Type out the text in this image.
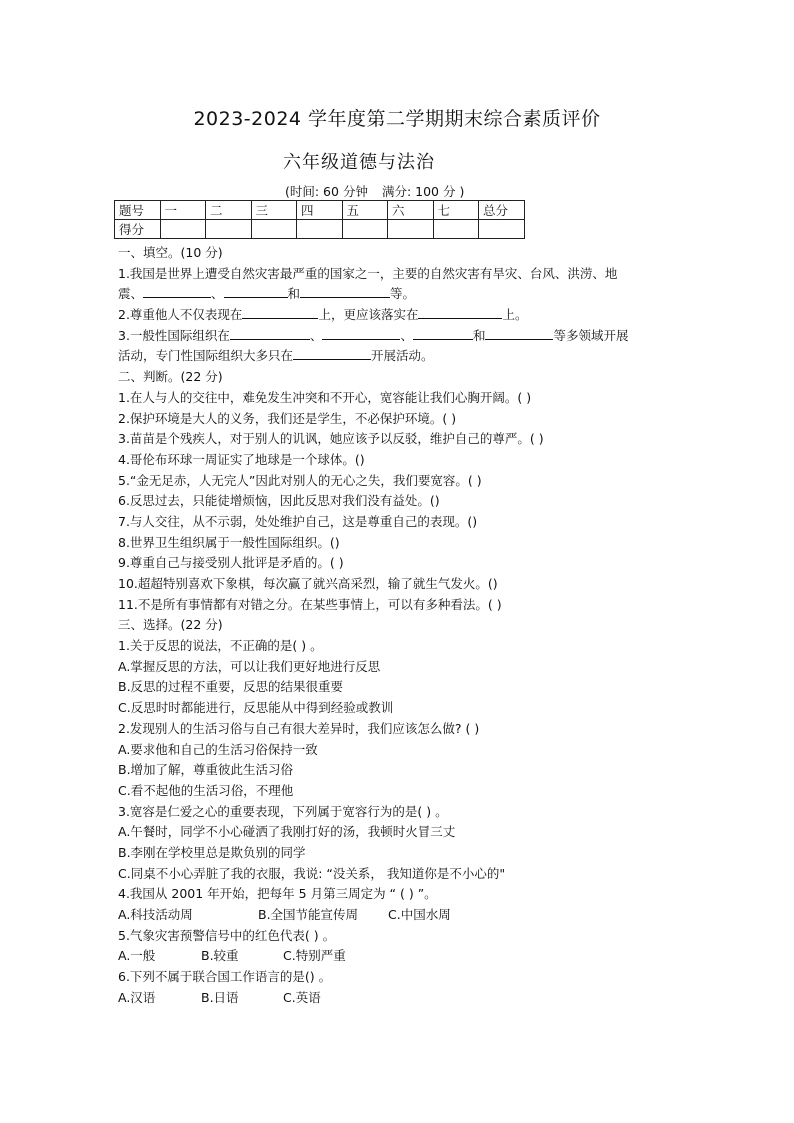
2023-2024 学年度第二学期期末综合素质评价
六年级道德与法治
(时间: 60 分钟 满分: 100 分 )
题号	一	二	三	四	五	六	七	总分
得分								
一、填空。(10 分)
1.我国是世界上遭受自然灾害最严重的国家之一，主要的自然灾害有旱灾、台风、洪涝、地
震、	、	和	等。
2.尊重他人不仅表现在	上，更应该落实在	上。
3.一般性国际组织在	、	、	和	等多领域开展
活动，专门性国际组织大多只在	开展活动。
二、判断。(22 分)
1.在人与人的交往中，难免发生冲突和不开心，宽容能让我们心胸开阔。( )
2.保护环境是大人的义务，我们还是学生，不必保护环境。( )
3.苗苗是个残疾人，对于别人的讥讽，她应该予以反驳，维护自己的尊严。( )
4.哥伦布环球一周证实了地球是一个球体。()
5.“金无足赤，人无完人”因此对别人的无心之失，我们要宽容。( )
6.反思过去，只能徒增烦恼，因此反思对我们没有益处。()
7.与人交往，从不示弱，处处维护自己，这是尊重自己的表现。()
8.世界卫生组织属于一般性国际组织。()
9.尊重自己与接受别人批评是矛盾的。( )
10.超超特别喜欢下象棋，每次赢了就兴高采烈，输了就生气发火。()
11.不是所有事情都有对错之分。在某些事情上，可以有多种看法。( )
三、选择。(22 分)
1.关于反思的说法，不正确的是( ) 。
A.掌握反思的方法，可以让我们更好地进行反思
B.反思的过程不重要，反思的结果很重要
C.反思时时都能进行，反思能从中得到经验或教训
2.发现别人的生活习俗与自己有很大差异时，我们应该怎么做? ( )
A.要求他和自己的生活习俗保持一致
B.增加了解，尊重彼此生活习俗
C.看不起他的生活习俗，不理他
3.宽容是仁爱之心的重要表现，下列属于宽容行为的是( ) 。
A.午餐时，同学不小心碰洒了我刚打好的汤，我顿时火冒三丈
B.李刚在学校里总是欺负别的同学
C.同桌不小心弄脏了我的衣服，我说: “没关系， 我知道你是不小心的"
4.我国从 2001 年开始，把每年 5 月第三周定为 “ ( ) ”。
A.科技活动周	B.全国节能宣传周 C.中国水周
5.气象灾害预警信号中的红色代表( ) 。
A.一般	B.较重	C.特别严重
6.下列不属于联合国工作语言的是() 。
A.汉语	B.日语	C.英语
